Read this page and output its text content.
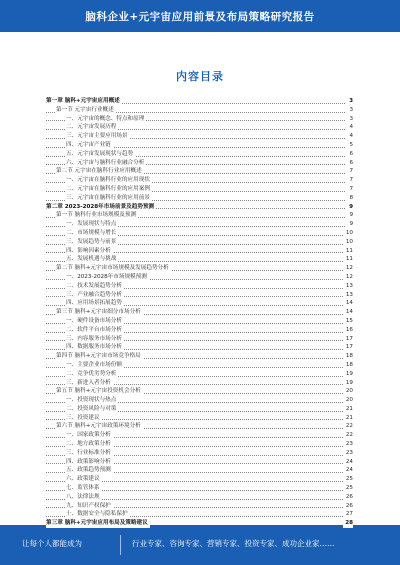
脑科企业+元宇宙应用前景及布局策略研究报告
内容目录
第一章 脑科+元宇宙应用概述	3
第一节 元宇宙行业概述	3
一、元宇宙的概念、特点和原理	3
二、元宇宙发展历程	4
三、元宇宙主要应用场景	4
四、元宇宙产业链	5
五、元宇宙发展现状与趋势	6
六、元宇宙与脑科行业融合分析	6
第二节 元宇宙在脑科行业应用概述	7
一、元宇宙在脑科行业的应用现状	7
二、元宇宙在脑科行业的应用案例	7
三、元宇宙在脑科行业的应用前景	8
第二章 2023-2028年市场前景及趋势预测	9
第一节 脑科行业市场规模及预测	9
一、发展现状与特点	9
二、市场规模与增长	10
三、发展趋势与前景	10
四、影响因素分析	11
五、发展机遇与挑战	11
第二节 脑科+元宇宙市场规模及发展趋势分析	12
一、2023-2028年市场规模预测	12
二、技术发展趋势分析	13
三、产业融合趋势分析	13
四、应用场景拓展趋势	14
第三节 脑科+元宇宙细分市场分析	14
一、硬件设备市场分析	15
二、软件平台市场分析	16
三、内容服务市场分析	17
四、数据服务市场分析	17
第四节 脑科+元宇宙市场竞争格局	18
一、主要企业市场份额	18
二、竞争优劣势分析	19
三、新进入者分析	19
第五节 脑科+元宇宙投资机会分析	20
一、投资现状与热点	20
二、投资风险与对策	21
三、投资建议	21
第六节 脑科+元宇宙政策环境分析	22
一、国家政策分析	22
二、地方政策分析	23
三、行业标准分析	23
四、政策影响分析	24
五、政策趋势预测	24
六、政策建议	25
七、监管体系	25
八、法律法规	26
九、知识产权保护	26
十、数据安全与隐私保护	27
第三章 脑科+元宇宙应用布局及策略建议	28
让每个人都能成为	行业专家、咨询专家、营销专家、投资专家、成功企业家……
